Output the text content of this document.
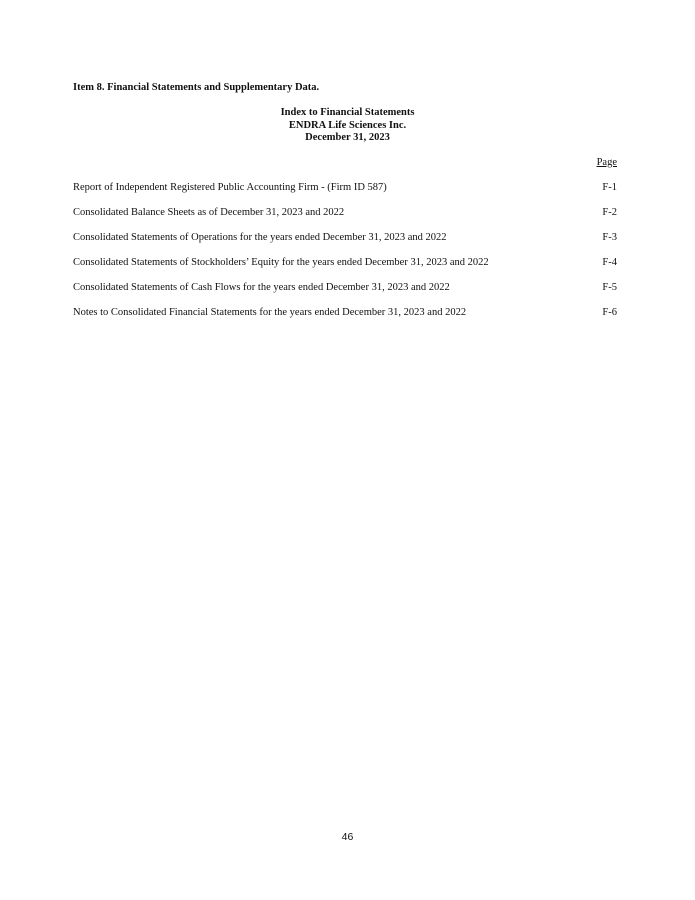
Item 8. Financial Statements and Supplementary Data.
Index to Financial Statements
ENDRA Life Sciences Inc.
December 31, 2023
Page
Report of Independent Registered Public Accounting Firm - (Firm ID 587)	F-1
Consolidated Balance Sheets as of December 31, 2023 and 2022	F-2
Consolidated Statements of Operations for the years ended December 31, 2023 and 2022	F-3
Consolidated Statements of Stockholders’ Equity for the years ended December 31, 2023 and 2022	F-4
Consolidated Statements of Cash Flows for the years ended December 31, 2023 and 2022	F-5
Notes to Consolidated Financial Statements for the years ended December 31, 2023 and 2022	F-6
46
